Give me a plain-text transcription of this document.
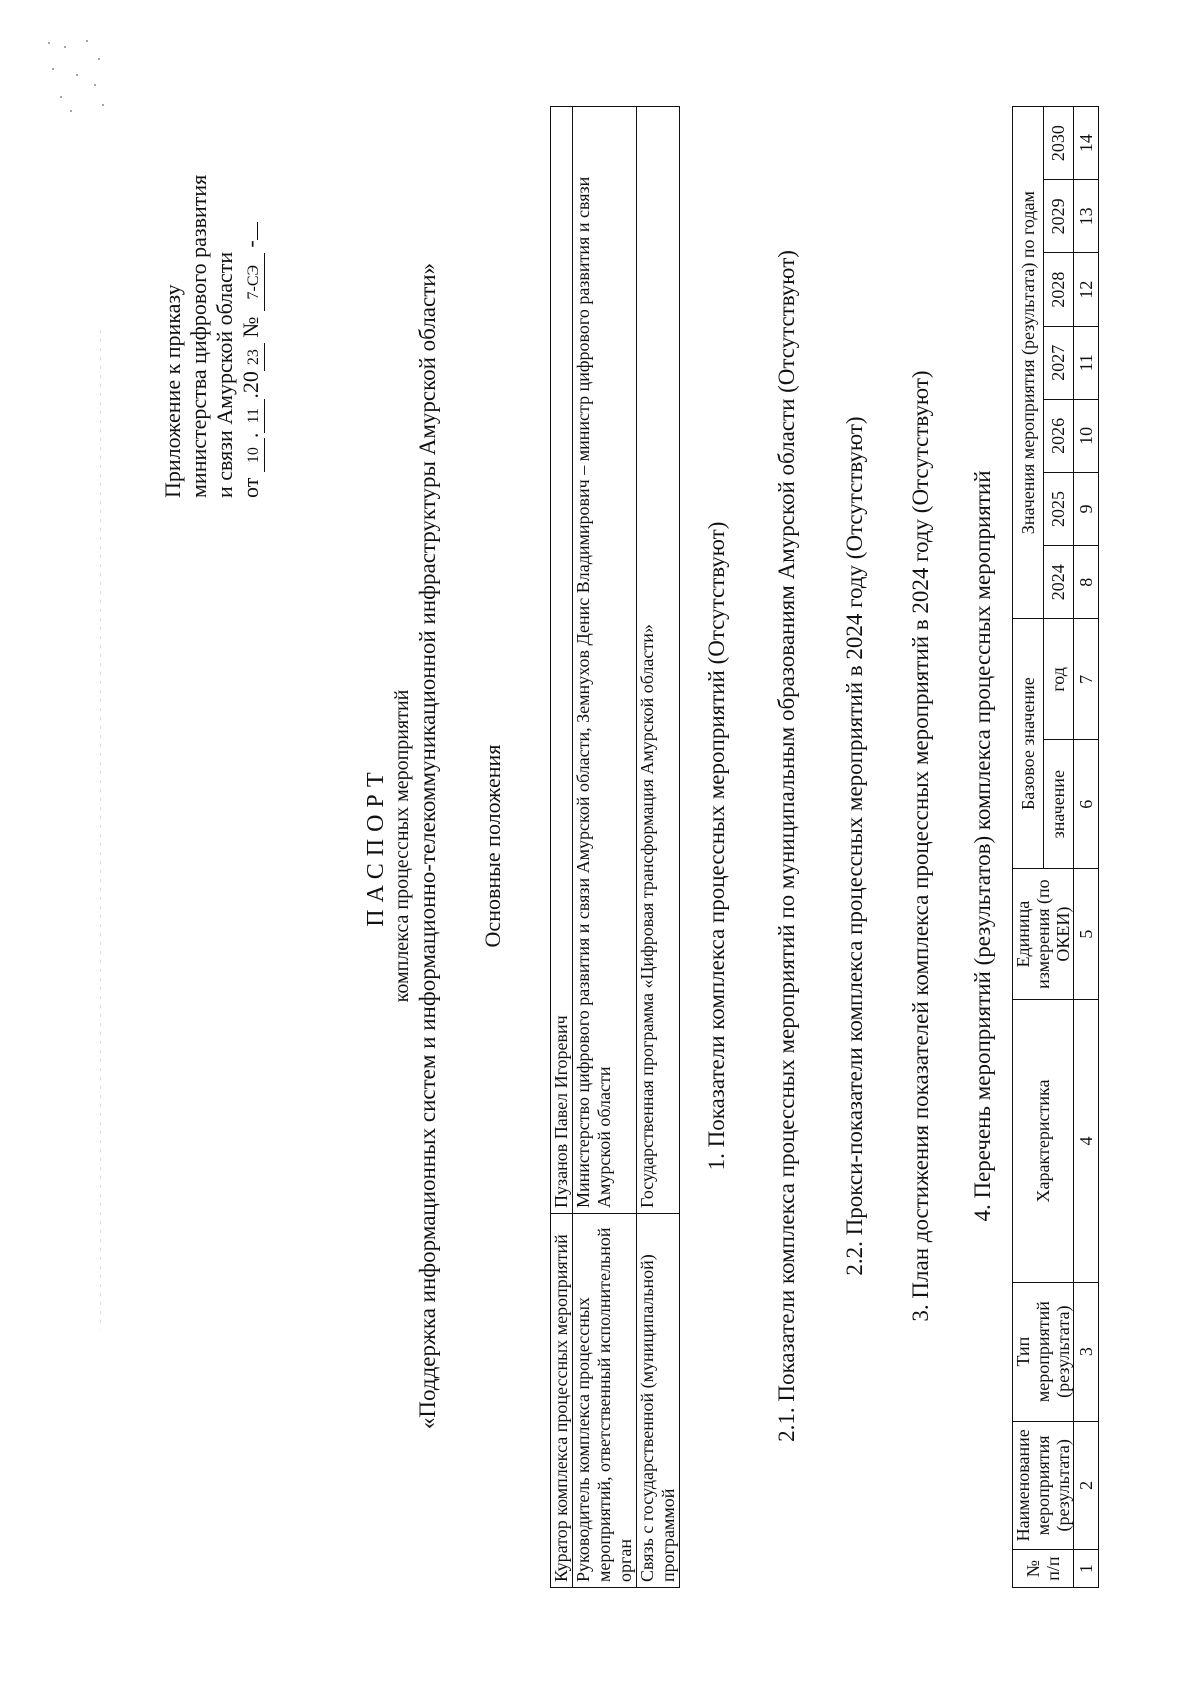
Приложение к приказу министерства цифрового развития и связи Амурской области от 10.11.2023 № 7-СЭ -
ПАСПОРТ комплекса процессных мероприятий «Поддержка информационных систем и информационно-телекоммуникационной инфраструктуры Амурской области» Основные положения
Куратор комплекса процессных мероприятий	Пузанов Павел Игоревич
Руководитель комплекса процессных мероприятий, ответственный исполнительной орган	Министерство цифрового развития и связи Амурской области, Земнухов Денис Владимирович – министр цифрового развития и связи Амурской области
Связь с государственной (муниципальной) программой	Государственная программа «Цифровая трансформация Амурской области» 1. Показатели комплекса процессных мероприятий (Отсутствуют) 2.1. Показатели комплекса процессных мероприятий по муниципальным образованиям Амурской области (Отсутствуют) 2.2. Прокси-показатели комплекса процессных мероприятий в 2024 году (Отсутствуют) 3. План достижения показателей комплекса процессных мероприятий в 2024 году (Отсутствуют) 4. Перечень мероприятий (результатов) комплекса процессных мероприятий
№ п/п	Наименование мероприятия (результата)	Тип мероприятий (результата)	Характеристика	Единица измерения (по ОКЕИ)	Базовое значение		Значения мероприятия (результата) по годам						
					значение	год	2024	2025	2026	2027	2028	2029	2030
1	2	3	4	5	6	7	8	9	10	11	12	13	14
